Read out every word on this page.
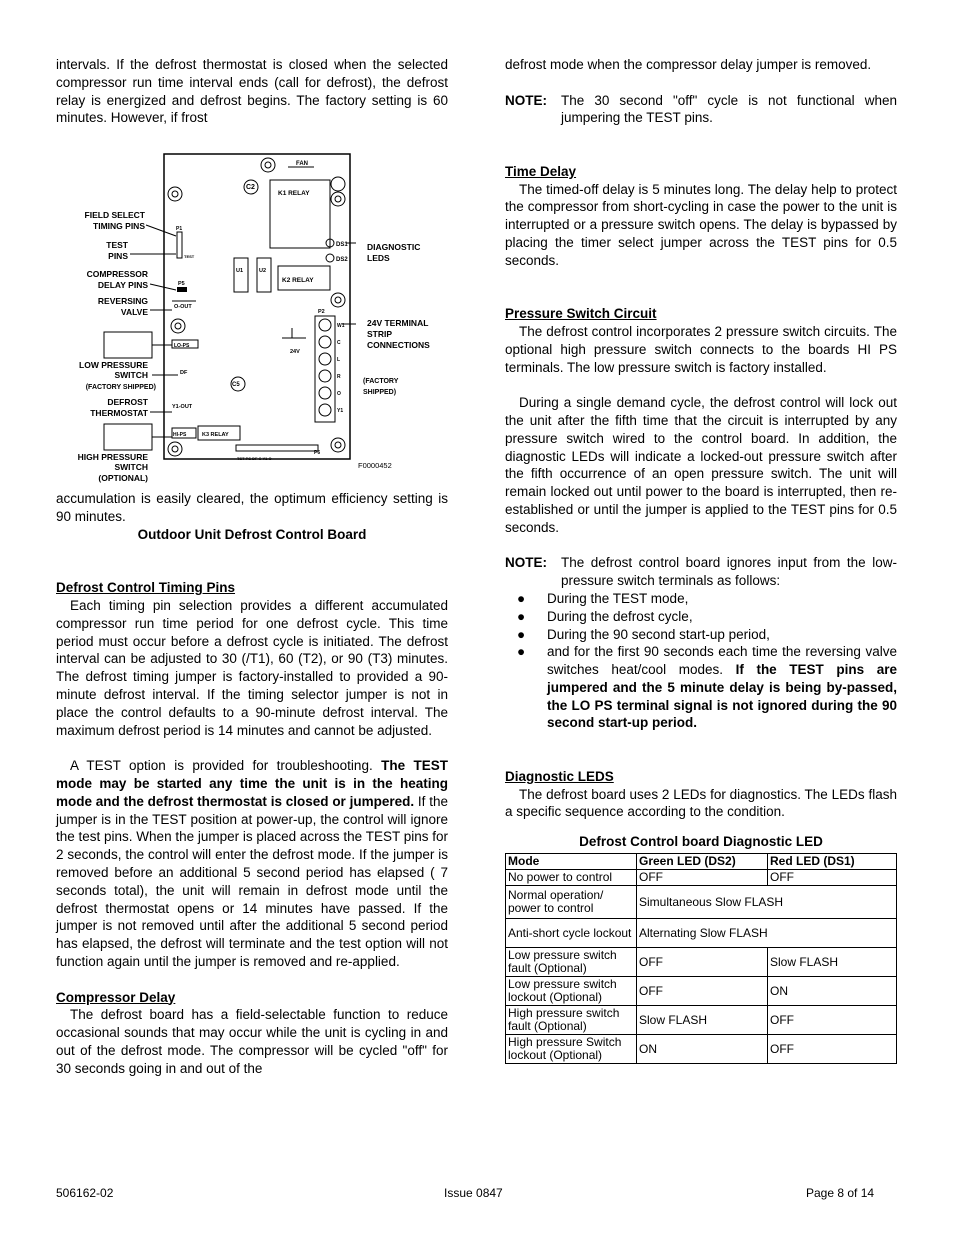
intervals. If the defrost thermostat is closed when the selected compressor run time interval ends (call for defrost), the defrost relay is energized and defrost begins. The factory setting is 60 minutes. However, if frost

accumulation is easily cleared, the optimum efficiency setting is 90 minutes.

Outdoor Unit Defrost Control Board

Defrost Control Timing Pins

Each timing pin selection provides a different accumulated compressor run time period for one defrost cycle. This time period must occur before a defrost cycle is initiated. The defrost interval can be adjusted to 30 (/T1), 60 (T2), or 90 (T3) minutes. The defrost timing jumper is factory-installed to provided a 90-minute defrost interval. If the timing selector jumper is not in place the control defaults to a 90-minute defrost interval. The maximum defrost period is 14 minutes and cannot be adjusted.

A TEST option is provided for troubleshooting. The TEST mode may be started any time the unit is in the heating mode and the defrost thermostat is closed or jumpered. If the jumper is in the TEST position at power-up, the control will ignore the test pins. When the jumper is placed across the TEST pins for 2 seconds, the control will enter the defrost mode. If the jumper is removed before an additional 5 second period has elapsed ( 7 seconds total), the unit will remain in defrost mode until the defrost thermostat opens or 14 minutes have passed. If the jumper is not removed until after the additional 5 second period has elapsed, the defrost will terminate and the test option will not function again until the jumper is removed and re-applied.

Compressor Delay

The defrost board has a field-selectable function to reduce occasional sounds that may occur while the unit is cycling in and out of the defrost mode. The compressor will be cycled "off" for 30 seconds going in and out of the

FAN
C2
K1 RELAY
P1
TEST
DS1
DS2
U1	U2
K2 RELAY
P5
O-OUT
P2
W1
C
L
R
O
Y1
24V
LO-PS
DF
C5
Y1-OUT
HI-PS	K3 RELAY
TST PS DF C Y1 O
P6
FIELD SELECT
TIMING PINS
TEST
PINS
COMPRESSOR
DELAY PINS
REVERSING
VALVE
LOW PRESSURE
SWITCH
DEFROST
THERMOSTAT
HIGH PRESSURE
SWITCH
(OPTIONAL)
(FACTORY SHIPPED)
DIAGNOSTIC
LEDS
24V TERMINAL
STRIP
CONNECTIONS
(FACTORY
SHIPPED)
F0000452

defrost mode when the compressor delay jumper is removed.

NOTE:	The 30 second "off" cycle is not functional when jumpering the TEST pins.

Time Delay

The timed-off delay is 5 minutes long. The delay help to protect the compressor from short-cycling in case the power to the unit is interrupted or a pressure switch opens. The delay is bypassed by placing the timer select jumper across the TEST pins for 0.5 seconds.

Pressure Switch Circuit

The defrost control incorporates 2 pressure switch circuits. The optional high pressure switch connects to the boards HI PS terminals. The low pressure switch is factory installed.

During a single demand cycle, the defrost control will lock out the unit after the fifth time that the circuit is interrupted by any pressure switch wired to the control board. In addition, the diagnostic LEDs will indicate a locked-out pressure switch after the fifth occurrence of an open pressure switch. The unit will remain locked out until power to the board is interrupted, then re-established or until the jumper is applied to the TEST pins for 0.5 seconds.

NOTE:	The defrost control board ignores input from the low-pressure switch terminals as follows:
●	During the TEST mode,
●	During the defrost cycle,
●	During the 90 second start-up period,
●	and for the first 90 seconds each time the reversing valve switches heat/cool modes. If the TEST pins are jumpered and the 5 minute delay is being by-passed, the LO PS terminal signal is not ignored during the 90 second start-up period.

Diagnostic LEDS

The defrost board uses 2 LEDs for diagnostics. The LEDs flash a specific sequence according to the condition.

Defrost Control board Diagnostic LED
Mode	Green LED (DS2)	Red LED (DS1)
No power to control	OFF	OFF
Normal operation/ power to control	Simultaneous Slow FLASH	
Anti-short cycle lockout	Alternating Slow FLASH	
Low pressure switch fault (Optional)	OFF	Slow FLASH
Low pressure switch lockout (Optional)	OFF	ON
High pressure switch fault (Optional)	Slow FLASH	OFF
High pressure Switch lockout (Optional)	ON	OFF
506162-02	Issue 0847	Page 8 of 14
